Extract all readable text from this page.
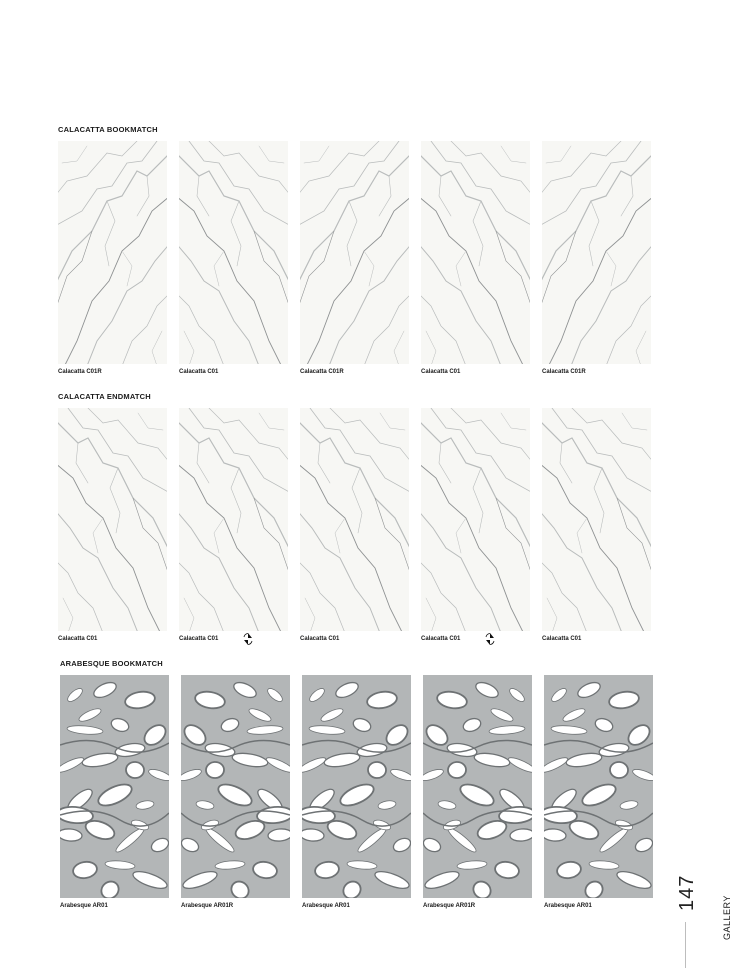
CALACATTA BOOKMATCH
Calacatta C01R	Calacatta C01	Calacatta C01R	Calacatta C01	Calacatta C01R
CALACATTA ENDMATCH
Calacatta C01	Calacatta C01	Calacatta C01	Calacatta C01	Calacatta C01
ARABESQUE BOOKMATCH
Arabesque AR01	Arabesque AR01R	Arabesque AR01	Arabesque AR01R	Arabesque AR01	147
GALLERY
